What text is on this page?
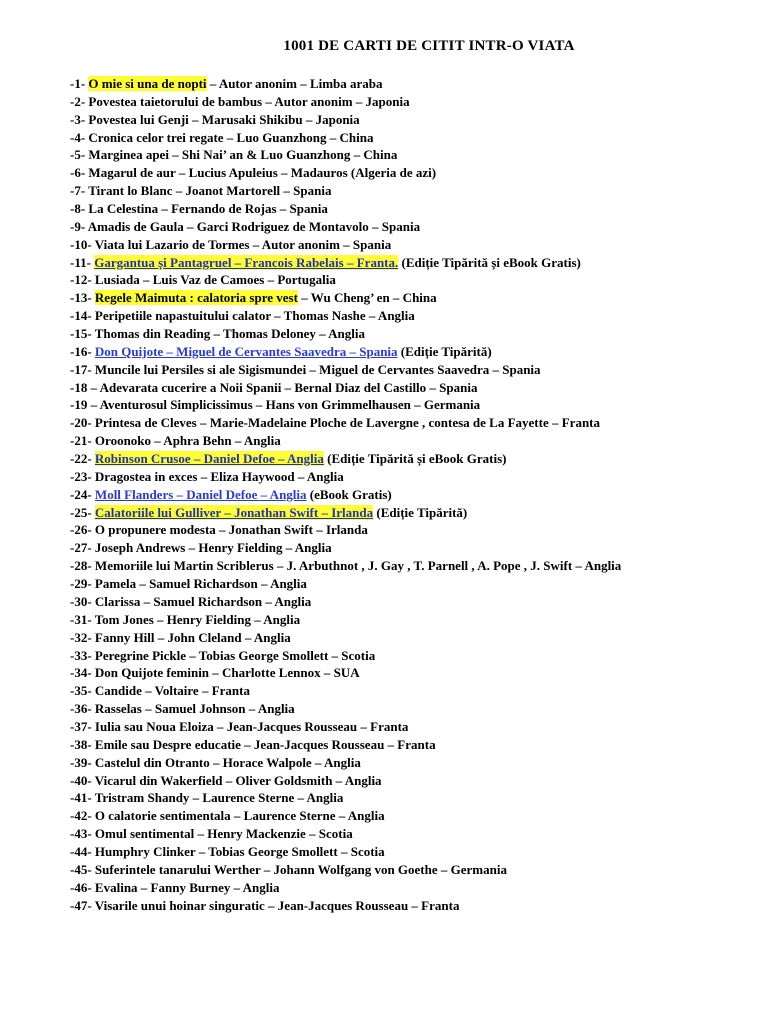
1001 DE CARTI DE CITIT INTR-O VIATA
-1- O mie si una de nopti – Autor anonim – Limba araba
-2- Povestea taietorului de bambus – Autor anonim – Japonia
-3- Povestea lui Genji – Marusaki Shikibu – Japonia
-4- Cronica celor trei regate – Luo Guanzhong – China
-5- Marginea apei – Shi Nai’ an & Luo Guanzhong – China
-6- Magarul de aur – Lucius Apuleius – Madauros (Algeria de azi)
-7- Tirant lo Blanc – Joanot Martorell – Spania
-8- La Celestina – Fernando de Rojas – Spania
-9- Amadis de Gaula – Garci Rodriguez de Montavolo – Spania
-10- Viata lui Lazario de Tormes – Autor anonim – Spania
-11- Gargantua și Pantagruel – Francois Rabelais – Franta. (Ediție Tipărită și eBook Gratis)
-12- Lusiada – Luis Vaz de Camoes – Portugalia
-13- Regele Maimuta : calatoria spre vest – Wu Cheng’ en – China
-14- Peripetiile napastuitului calator – Thomas Nashe – Anglia
-15- Thomas din Reading – Thomas Deloney – Anglia
-16- Don Quijote – Miguel de Cervantes Saavedra – Spania (Ediție Tipărită)
-17- Muncile lui Persiles si ale Sigismundei – Miguel de Cervantes Saavedra – Spania
-18 – Adevarata cucerire a Noii Spanii – Bernal Diaz del Castillo – Spania
-19 – Aventurosul Simplicissimus – Hans von Grimmelhausen – Germania
-20- Printesa de Cleves – Marie-Madelaine Ploche de Lavergne , contesa de La Fayette – Franta
-21- Oroonoko – Aphra Behn – Anglia
-22- Robinson Crusoe – Daniel Defoe – Anglia (Ediție Tipărită și eBook Gratis)
-23- Dragostea in exces – Eliza Haywood – Anglia
-24- Moll Flanders – Daniel Defoe – Anglia (eBook Gratis)
-25- Calatoriile lui Gulliver – Jonathan Swift – Irlanda (Ediție Tipărită)
-26- O propunere modesta – Jonathan Swift – Irlanda
-27- Joseph Andrews – Henry Fielding – Anglia
-28- Memoriile lui Martin Scriblerus – J. Arbuthnot , J. Gay , T. Parnell , A. Pope , J. Swift – Anglia
-29- Pamela – Samuel Richardson – Anglia
-30- Clarissa – Samuel Richardson – Anglia
-31- Tom Jones – Henry Fielding – Anglia
-32- Fanny Hill – John Cleland – Anglia
-33- Peregrine Pickle – Tobias George Smollett – Scotia
-34- Don Quijote feminin – Charlotte Lennox – SUA
-35- Candide – Voltaire – Franta
-36- Rasselas – Samuel Johnson – Anglia
-37- Iulia sau Noua Eloiza – Jean-Jacques Rousseau – Franta
-38- Emile sau Despre educatie – Jean-Jacques Rousseau – Franta
-39- Castelul din Otranto – Horace Walpole – Anglia
-40- Vicarul din Wakerfield – Oliver Goldsmith – Anglia
-41- Tristram Shandy – Laurence Sterne – Anglia
-42- O calatorie sentimentala – Laurence Sterne – Anglia
-43- Omul sentimental – Henry Mackenzie – Scotia
-44- Humphry Clinker – Tobias George Smollett – Scotia
-45- Suferintele tanarului Werther – Johann Wolfgang von Goethe – Germania
-46- Evalina – Fanny Burney – Anglia
-47- Visarile unui hoinar singuratic – Jean-Jacques Rousseau – Franta
